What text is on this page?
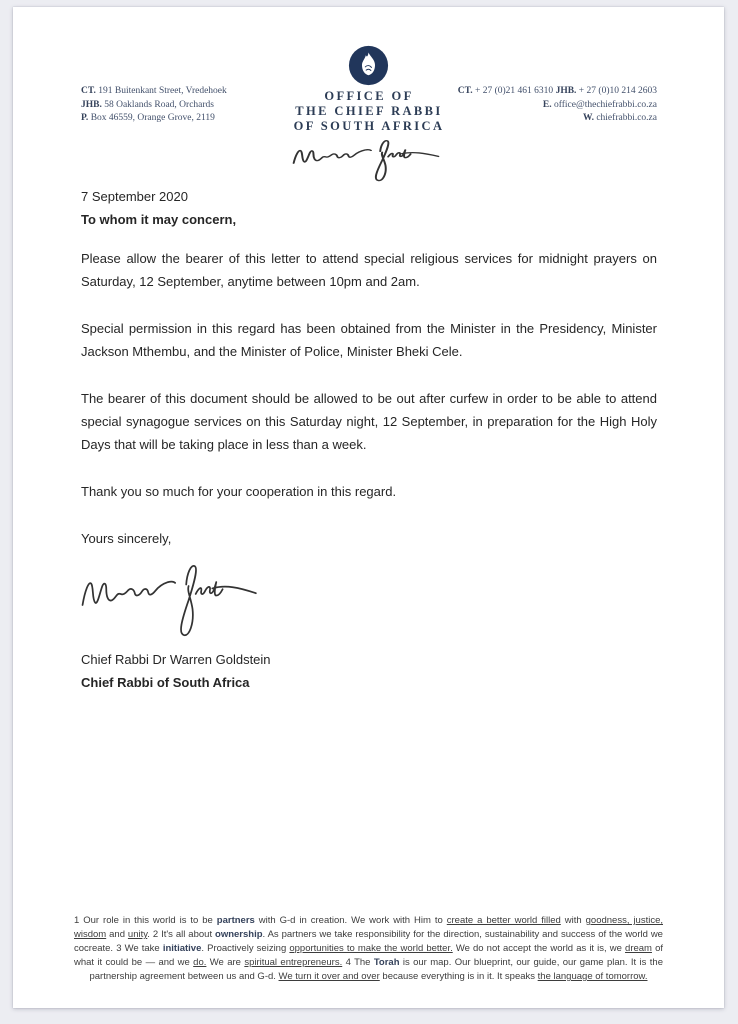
CT. 191 Buitenkant Street, Vredehoek
JHB. 58 Oaklands Road, Orchards
P. Box 46559, Orange Grove, 2119
OFFICE OF
THE CHIEF RABBI
OF SOUTH AFRICA
CT. + 27 (0)21 461 6310 JHB. + 27 (0)10 214 2603
E. office@thechiefrabbi.co.za
W. chiefrabbi.co.za

7 September 2020

To whom it may concern,

Please allow the bearer of this letter to attend special religious services for midnight prayers on Saturday, 12 September, anytime between 10pm and 2am.

Special permission in this regard has been obtained from the Minister in the Presidency, Minister Jackson Mthembu, and the Minister of Police, Minister Bheki Cele.

The bearer of this document should be allowed to be out after curfew in order to be able to attend special synagogue services on this Saturday night, 12 September, in preparation for the High Holy Days that will be taking place in less than a week.

Thank you so much for your cooperation in this regard.

Yours sincerely,

Chief Rabbi Dr Warren Goldstein

Chief Rabbi of South Africa

1 Our role in this world is to be partners with G-d in creation. We work with Him to create a better world filled with goodness, justice, wisdom and unity. 2 It's all about ownership. As partners we take responsibility for the direction, sustainability and success of the world we cocreate. 3 We take initiative. Proactively seizing opportunities to make the world better. We do not accept the world as it is, we dream of what it could be — and we do. We are spiritual entrepreneurs. 4 The Torah is our map. Our blueprint, our guide, our game plan. It is the partnership agreement between us and G-d. We turn it over and over because everything is in it. It speaks the language of tomorrow.
